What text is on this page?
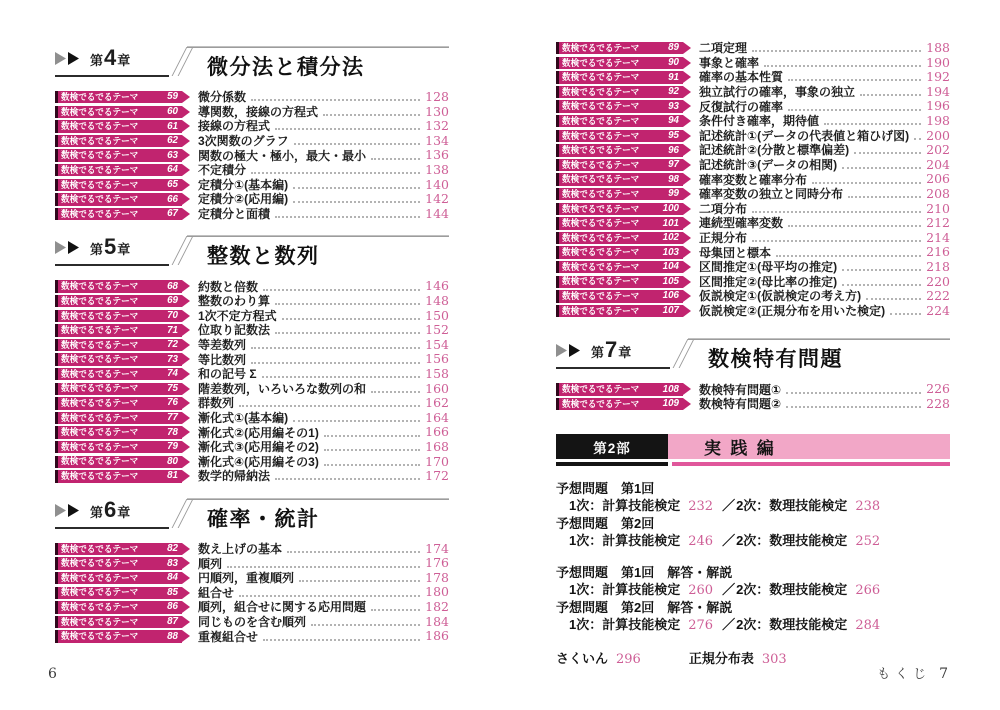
第 4 章	微分法と積分法
数検でるでるテーマ	59	微分係数	128
数検でるでるテーマ	60	導関数，接線の方程式	130
数検でるでるテーマ	61	接線の方程式	132
数検でるでるテーマ	62	3次関数のグラフ	134
数検でるでるテーマ	63	関数の極大・極小，最大・最小	136
数検でるでるテーマ	64	不定積分	138
数検でるでるテーマ	65	定積分①(基本編)	140
数検でるでるテーマ	66	定積分②(応用編)	142
数検でるでるテーマ	67	定積分と面積	144
第 5 章	整数と数列
数検でるでるテーマ	68	約数と倍数	146
数検でるでるテーマ	69	整数のわり算	148
数検でるでるテーマ	70	1次不定方程式	150
数検でるでるテーマ	71	位取り記数法	152
数検でるでるテーマ	72	等差数列	154
数検でるでるテーマ	73	等比数列	156
数検でるでるテーマ	74	和の記号 Σ	158
数検でるでるテーマ	75	階差数列，いろいろな数列の和	160
数検でるでるテーマ	76	群数列	162
数検でるでるテーマ	77	漸化式①(基本編)	164
数検でるでるテーマ	78	漸化式②(応用編その1)	166
数検でるでるテーマ	79	漸化式③(応用編その2)	168
数検でるでるテーマ	80	漸化式④(応用編その3)	170
数検でるでるテーマ	81	数学的帰納法	172
第 6 章	確率・統計
数検でるでるテーマ	82	数え上げの基本	174
数検でるでるテーマ	83	順列	176
数検でるでるテーマ	84	円順列，重複順列	178
数検でるでるテーマ	85	組合せ	180
数検でるでるテーマ	86	順列，組合せに関する応用問題	182
数検でるでるテーマ	87	同じものを含む順列	184
数検でるでるテーマ	88	重複組合せ	186
数検でるでるテーマ	89	二項定理	188
数検でるでるテーマ	90	事象と確率	190
数検でるでるテーマ	91	確率の基本性質	192
数検でるでるテーマ	92	独立試行の確率，事象の独立	194
数検でるでるテーマ	93	反復試行の確率	196
数検でるでるテーマ	94	条件付き確率，期待値	198
数検でるでるテーマ	95	記述統計①(データの代表値と箱ひげ図) 200
数検でるでるテーマ	96	記述統計②(分散と標準偏差)	202
数検でるでるテーマ	97	記述統計③(データの相関)	204
数検でるでるテーマ	98	確率変数と確率分布	206
数検でるでるテーマ	99	確率変数の独立と同時分布	208
数検でるでるテーマ 100	二項分布	210
数検でるでるテーマ 101	連続型確率変数	212
数検でるでるテーマ 102	正規分布	214
数検でるでるテーマ 103	母集団と標本	216
数検でるでるテーマ 104	区間推定①(母平均の推定)	218
数検でるでるテーマ 105	区間推定②(母比率の推定)	220
数検でるでるテーマ 106	仮説検定①(仮説検定の考え方)	222
数検でるでるテーマ 107	仮説検定②(正規分布を用いた検定)	224
第 7 章	数検特有問題
数検でるでるテーマ 108	数検特有問題①	226
数検でるでるテーマ 109	数検特有問題②	228
第2部	実践編
予想問題　第1回
1次：計算技能検定 232 ／2次：数理技能検定 238
予想問題　第2回
1次：計算技能検定 246 ／2次：数理技能検定 252
予想問題　第1回　解答・解説
1次：計算技能検定 260 ／2次：数理技能検定 266
予想問題　第2回　解答・解説
1次：計算技能検定 276 ／2次：数理技能検定 284
さくいん 296	正規分布表 303
6	もくじ 7
